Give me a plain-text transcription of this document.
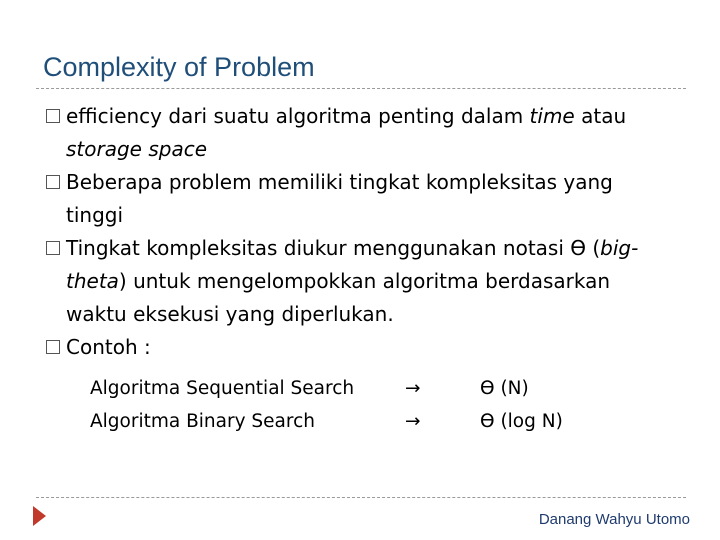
Complexity of Problem
efficiency dari suatu algoritma penting dalam time atau storage space
Beberapa problem memiliki tingkat kompleksitas yang tinggi
Tingkat kompleksitas diukur menggunakan notasi Ɵ (big-theta) untuk mengelompokkan algoritma berdasarkan waktu eksekusi yang diperlukan.
Contoh :
Algoritma Sequential Search	→	Ɵ (N)
Algoritma Binary Search	→	Ɵ (log N)
Danang Wahyu Utomo
